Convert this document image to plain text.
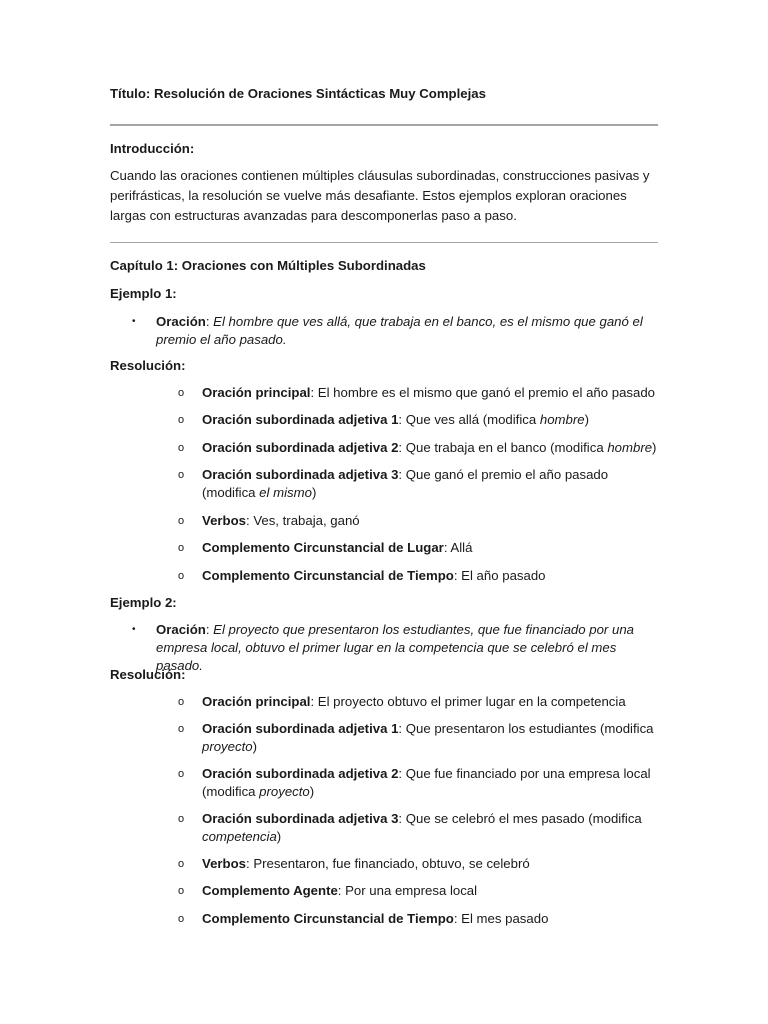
Título: Resolución de Oraciones Sintácticas Muy Complejas
Introducción:
Cuando las oraciones contienen múltiples cláusulas subordinadas, construcciones pasivas y perifrásticas, la resolución se vuelve más desafiante. Estos ejemplos exploran oraciones largas con estructuras avanzadas para descomponerlas paso a paso.
Capítulo 1: Oraciones con Múltiples Subordinadas
Ejemplo 1:
• Oración: El hombre que ves allá, que trabaja en el banco, es el mismo que ganó el premio el año pasado.
Resolución:
o Oración principal: El hombre es el mismo que ganó el premio el año pasado
o Oración subordinada adjetiva 1: Que ves allá (modifica hombre)
o Oración subordinada adjetiva 2: Que trabaja en el banco (modifica hombre)
o Oración subordinada adjetiva 3: Que ganó el premio el año pasado (modifica el mismo)
o Verbos: Ves, trabaja, ganó
o Complemento Circunstancial de Lugar: Allá
o Complemento Circunstancial de Tiempo: El año pasado
Ejemplo 2:
• Oración: El proyecto que presentaron los estudiantes, que fue financiado por una empresa local, obtuvo el primer lugar en la competencia que se celebró el mes pasado.
Resolución:
o Oración principal: El proyecto obtuvo el primer lugar en la competencia
o Oración subordinada adjetiva 1: Que presentaron los estudiantes (modifica proyecto)
o Oración subordinada adjetiva 2: Que fue financiado por una empresa local (modifica proyecto)
o Oración subordinada adjetiva 3: Que se celebró el mes pasado (modifica competencia)
o Verbos: Presentaron, fue financiado, obtuvo, se celebró
o Complemento Agente: Por una empresa local
o Complemento Circunstancial de Tiempo: El mes pasado
